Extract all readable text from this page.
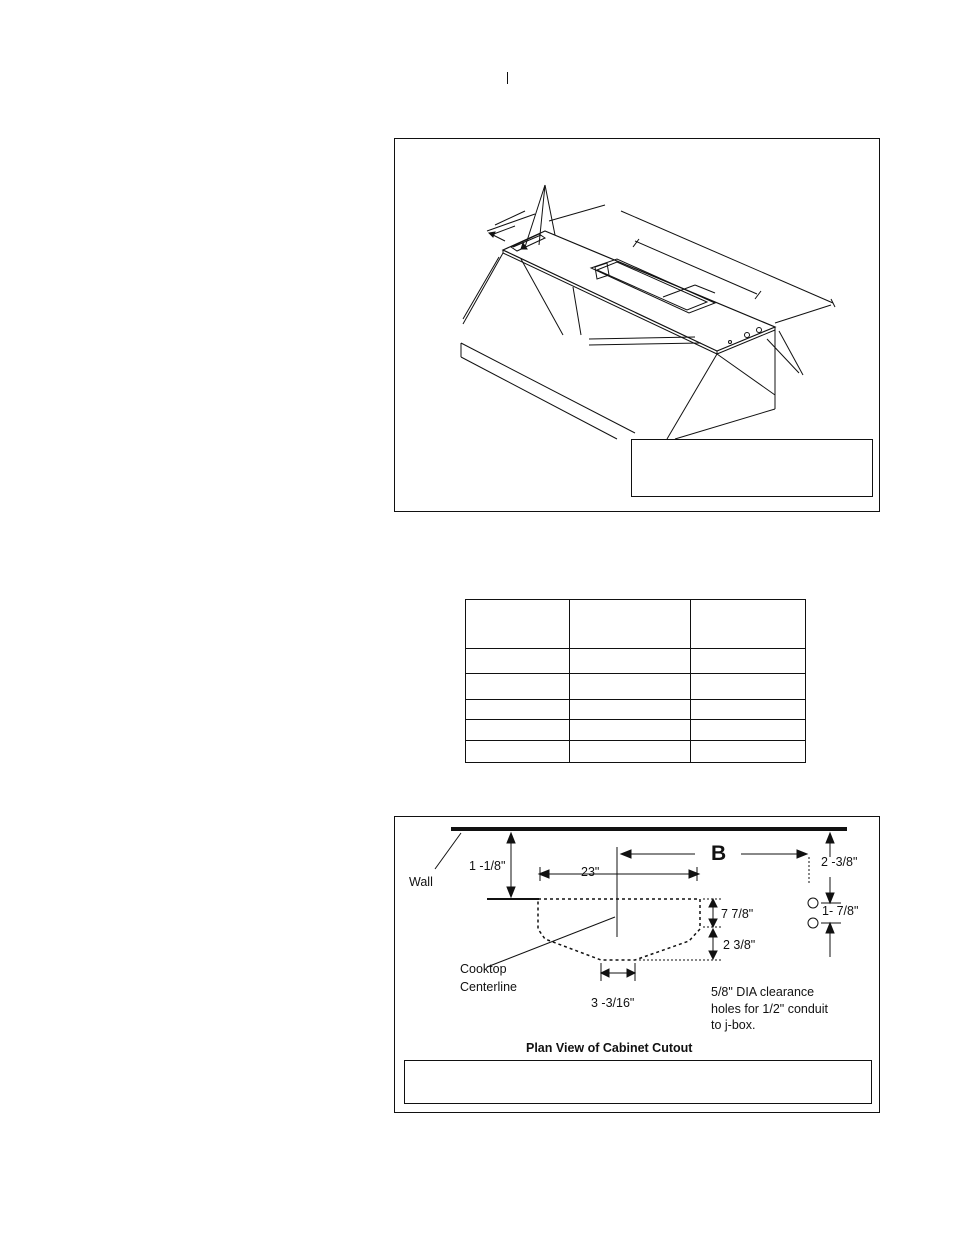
Wall
1 -1/8"	23"
B	2 -3/8"
7 7/8"	1- 7/8"
2 3/8"
Cooktop
Centerline
3 -3/16"
5/8" DIA clearance
holes for 1/2" conduit
to j-box.
Plan View of Cabinet Cutout
